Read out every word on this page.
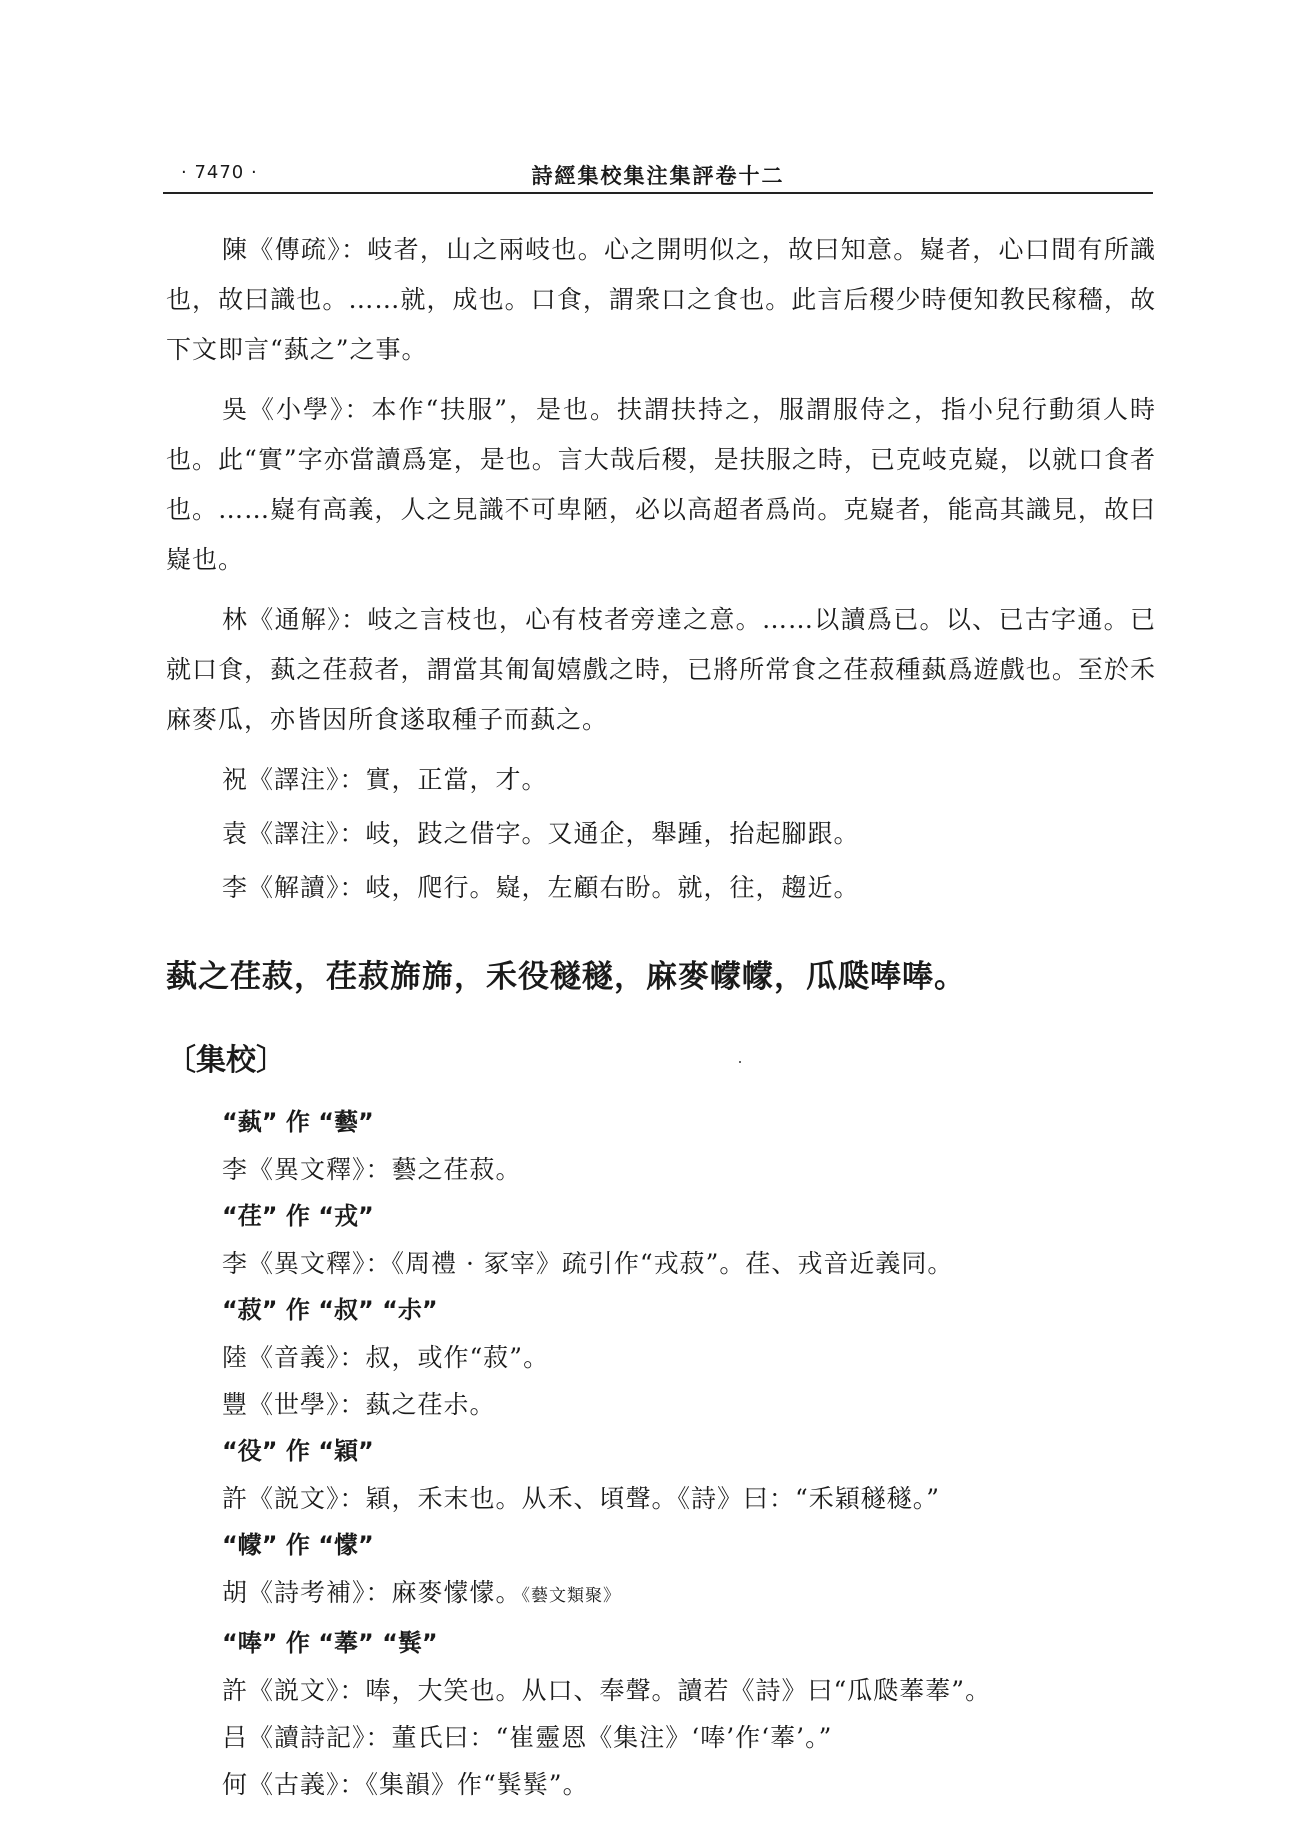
· 7470 ·	詩經集校集注集評卷十二

陳《傳疏》：岐者，山之兩岐也。心之開明似之，故曰知意。嶷者，心口間有所識也，故曰識也。……就，成也。口食，謂衆口之食也。此言后稷少時便知教民稼穡，故下文即言“蓺之”之事。

吳《小學》：本作“扶服”，是也。扶謂扶持之，服謂服侍之，指小兒行動須人時也。此“實”字亦當讀爲寔，是也。言大哉后稷，是扶服之時，已克岐克嶷，以就口食者也。……嶷有高義，人之見識不可卑陋，必以高超者爲尚。克嶷者，能高其識見，故曰嶷也。

林《通解》：岐之言枝也，心有枝者旁達之意。……以讀爲已。以、已古字通。已就口食，蓺之荏菽者，謂當其匍匐嬉戲之時，已將所常食之荏菽種蓺爲遊戲也。至於禾麻麥瓜，亦皆因所食遂取種子而蓺之。

祝《譯注》：實，正當，才。

袁《譯注》：岐，跂之借字。又通企，舉踵，抬起腳跟。

李《解讀》：岐，爬行。嶷，左顧右盼。就，往，趨近。

蓺之荏菽，荏菽旆旆，禾役穟穟，麻麥幪幪，瓜瓞唪唪。
〔集校〕
“蓺” 作 “藝”
李《異文釋》：藝之荏菽。
“荏” 作 “戎”
李《異文釋》：《周禮 · 冢宰》疏引作“戎菽”。荏、戎音近義同。
“菽” 作 “叔” “尗”
陸《音義》：叔，或作“菽”。
豐《世學》：蓺之荏尗。
“役” 作 “穎”
許《説文》：穎，禾末也。从禾、頃聲。《詩》曰：“禾穎穟穟。”
“幪” 作 “懞”
胡《詩考補》：麻麥懞懞。《藝文類聚》
“唪” 作 “菶” “髸”
許《説文》：唪，大笑也。从口、奉聲。讀若《詩》曰“瓜瓞菶菶”。
吕《讀詩記》：董氏曰：“崔靈恩《集注》‘唪’作‘菶’。”
何《古義》：《集韻》作“髸髸”。
